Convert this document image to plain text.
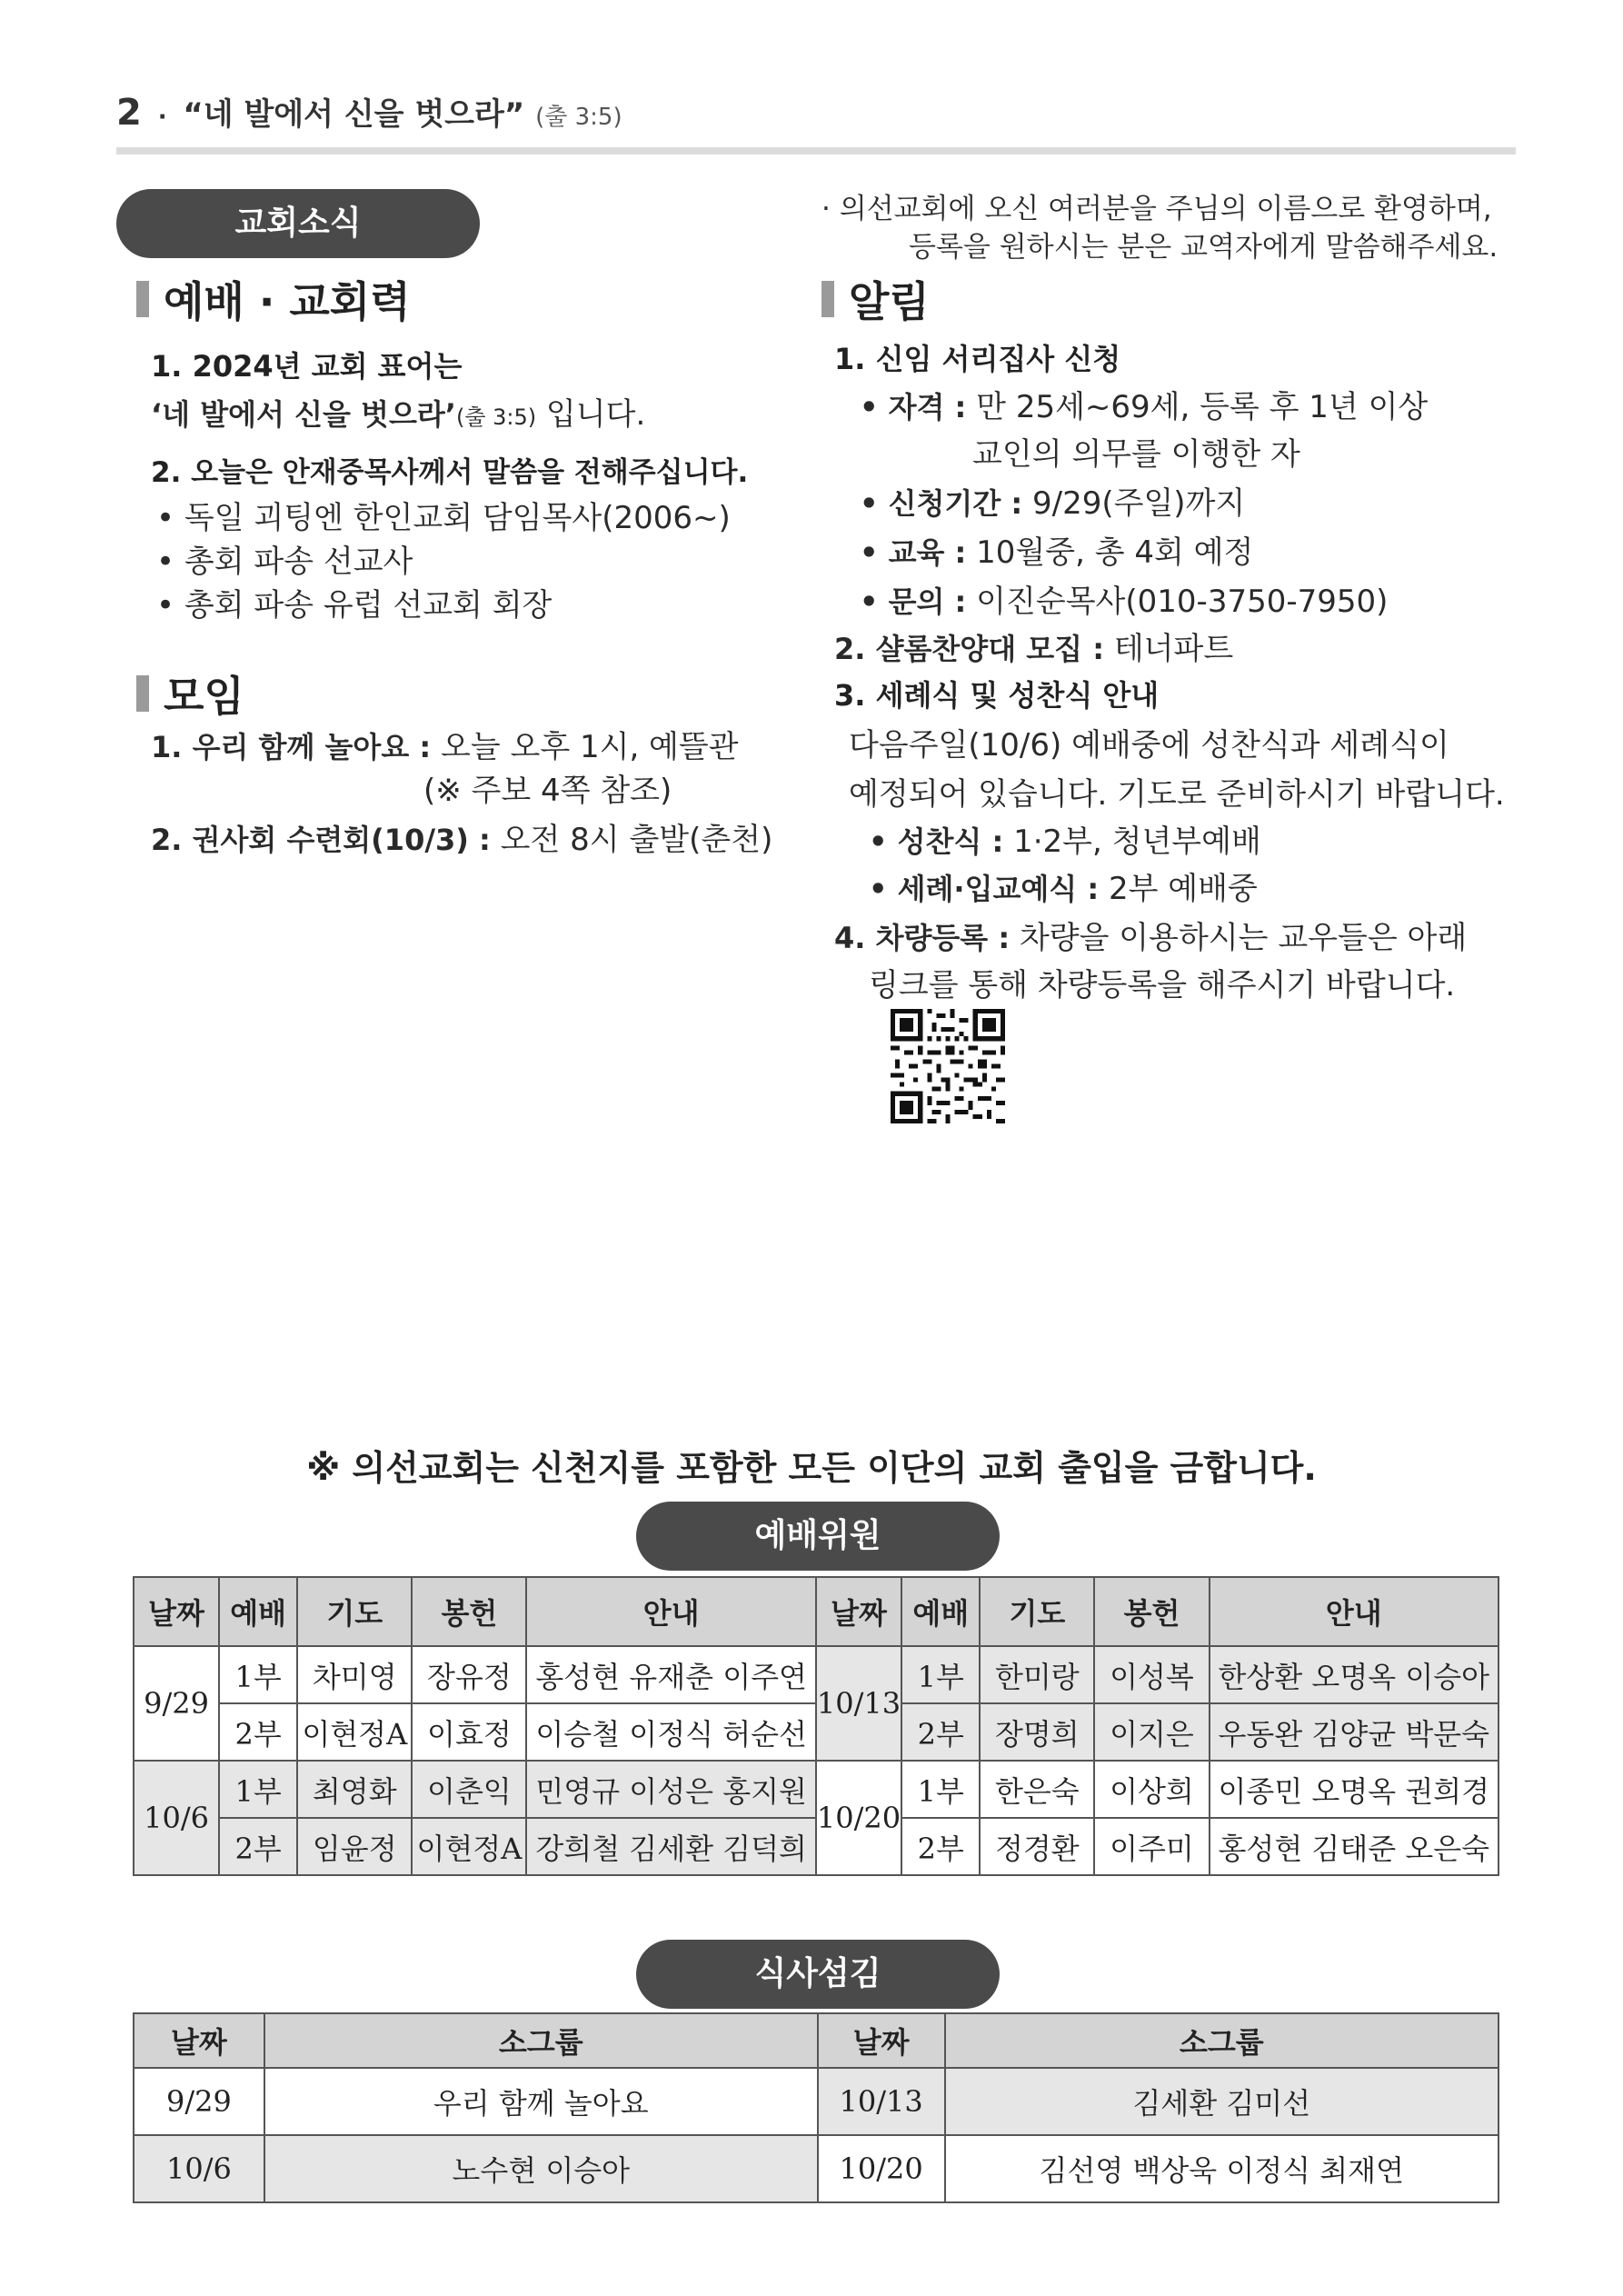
2 · “네 발에서 신을 벗으라” (출 3:5)
교회소식
예배 · 교회력
1. 2024년 교회 표어는
‘네 발에서 신을 벗으라’(출 3:5) 입니다.
2. 오늘은 안재중목사께서 말씀을 전해주십니다.
• 독일 괴팅엔 한인교회 담임목사(2006~)
• 총회 파송 선교사
• 총회 파송 유럽 선교회 회장
모임
1. 우리 함께 놀아요 : 오늘 오후 1시, 예뜰관
(※ 주보 4쪽 참조)
2. 권사회 수련회(10/3) : 오전 8시 출발(춘천)
· 의선교회에 오신 여러분을 주님의 이름으로 환영하며,
등록을 원하시는 분은 교역자에게 말씀해주세요.
알림
1. 신임 서리집사 신청
• 자격 : 만 25세~69세, 등록 후 1년 이상
교인의 의무를 이행한 자
• 신청기간 : 9/29(주일)까지
• 교육 : 10월중, 총 4회 예정
• 문의 : 이진순목사(010-3750-7950)
2. 샬롬찬양대 모집 : 테너파트
3. 세례식 및 성찬식 안내
다음주일(10/6) 예배중에 성찬식과 세례식이
예정되어 있습니다. 기도로 준비하시기 바랍니다.
• 성찬식 : 1·2부, 청년부예배
• 세례·입교예식 : 2부 예배중
4. 차량등록 : 차량을 이용하시는 교우들은 아래
링크를 통해 차량등록을 해주시기 바랍니다.
※ 의선교회는 신천지를 포함한 모든 이단의 교회 출입을 금합니다.
예배위원
날짜	예배	기도	봉헌	안내	날짜	예배	기도	봉헌	안내
9/29	1부	차미영	장유정	홍성현 유재춘 이주연	10/13	1부	한미랑	이성복	한상환 오명옥 이승아
	2부	이현정A	이효정	이승철 이정식 허순선		2부	장명희	이지은	우동완 김양균 박문숙
10/6	1부	최영화	이춘익	민영규 이성은 홍지원	10/20	1부	한은숙	이상희	이종민 오명옥 권희경
	2부	임윤정	이현정A	강희철 김세환 김덕희		2부	정경환	이주미	홍성현 김태준 오은숙
식사섬김
날짜	소그룹	날짜	소그룹
9/29	우리 함께 놀아요	10/13	김세환 김미선
10/6	노수현 이승아	10/20	김선영 백상욱 이정식 최재연
